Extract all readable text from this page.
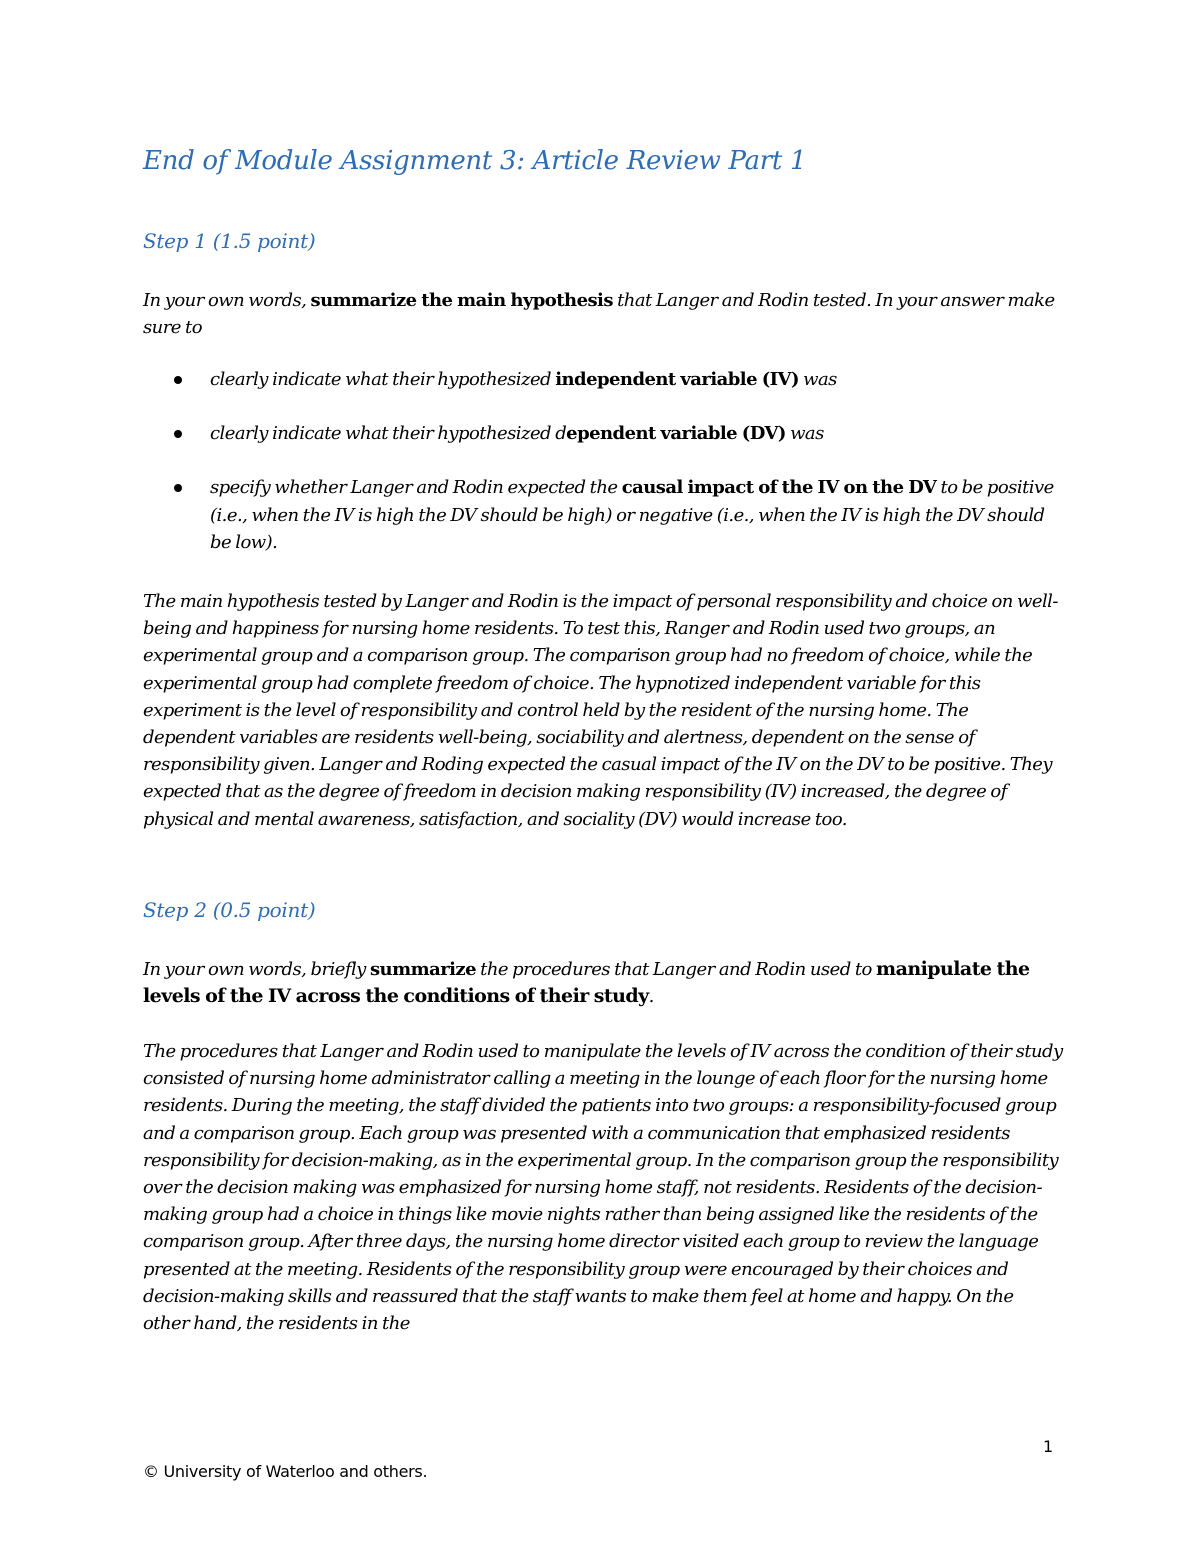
End of Module Assignment 3: Article Review Part 1
Step 1 (1.5 point)

In your own words, summarize the main hypothesis that Langer and Rodin tested. In your answer make sure to

clearly indicate what their hypothesized independent variable (IV) was
clearly indicate what their hypothesized dependent variable (DV) was
specify whether Langer and Rodin expected the causal impact of the IV on the DV to be positive (i.e., when the IV is high the DV should be high) or negative (i.e., when the IV is high the DV should be low).

The main hypothesis tested by Langer and Rodin is the impact of personal responsibility and choice on well-being and happiness for nursing home residents. To test this, Ranger and Rodin used two groups, an experimental group and a comparison group. The comparison group had no freedom of choice, while the experimental group had complete freedom of choice. The hypnotized independent variable for this experiment is the level of responsibility and control held by the resident of the nursing home. The dependent variables are residents well-being, sociability and alertness, dependent on the sense of responsibility given. Langer and Roding expected the casual impact of the IV on the DV to be positive. They expected that as the degree of freedom in decision making responsibility (IV) increased, the degree of physical and mental awareness, satisfaction, and sociality (DV) would increase too.

Step 2 (0.5 point)

In your own words, briefly summarize the procedures that Langer and Rodin used to manipulate the levels of the IV across the conditions of their study.

The procedures that Langer and Rodin used to manipulate the levels of IV across the condition of their study consisted of nursing home administrator calling a meeting in the lounge of each floor for the nursing home residents. During the meeting, the staff divided the patients into two groups: a responsibility-focused group and a comparison group. Each group was presented with a communication that emphasized residents responsibility for decision-making, as in the experimental group. In the comparison group the responsibility over the decision making was emphasized for nursing home staff, not residents. Residents of the decision-making group had a choice in things like movie nights rather than being assigned like the residents of the comparison group. After three days, the nursing home director visited each group to review the language presented at the meeting. Residents of the responsibility group were encouraged by their choices and decision-making skills and reassured that the staff wants to make them feel at home and happy. On the other hand, the residents in the

1

© University of Waterloo and others.
